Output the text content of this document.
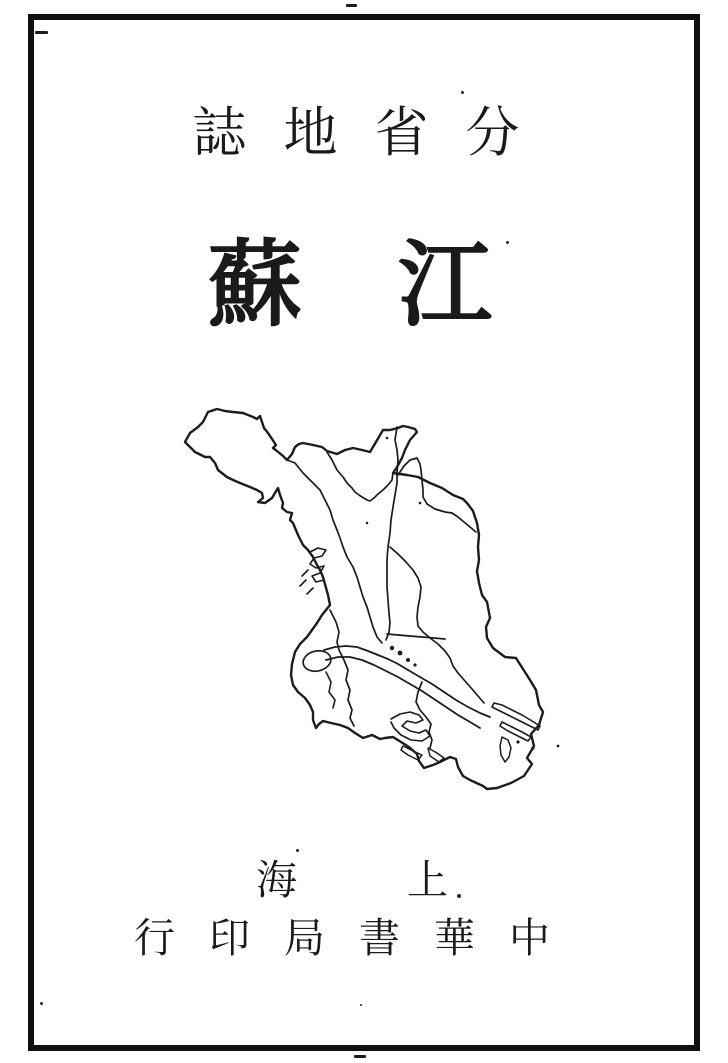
誌 地 省 分
蘇 江
海	上
行 印 局 書 華 中
